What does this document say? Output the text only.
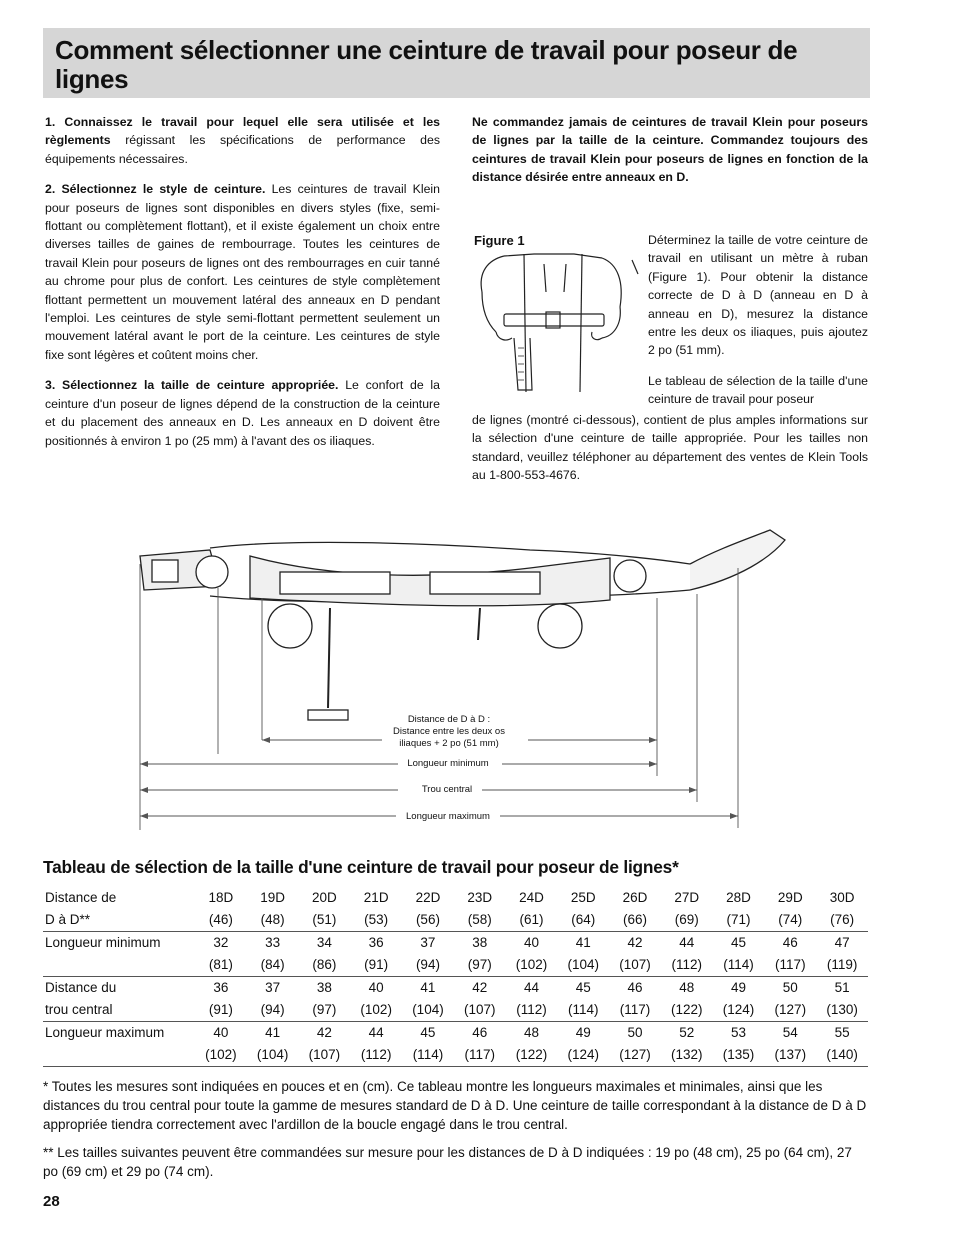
Comment sélectionner une ceinture de travail pour poseur de lignes

1. Connaissez le travail pour lequel elle sera utilisée et les règlements régissant les spécifications de performance des équipements nécessaires.

2. Sélectionnez le style de ceinture. Les ceintures de travail Klein pour poseurs de lignes sont disponibles en divers styles (fixe, semi-flottant ou complètement flottant), et il existe également un choix entre diverses tailles de gaines de rembourrage. Toutes les ceintures de travail Klein pour poseurs de lignes ont des rembourrages en cuir tanné au chrome pour plus de confort. Les ceintures de style complètement flottant permettent un mouvement latéral des anneaux en D pendant l'emploi. Les ceintures de style semi-flottant permettent seulement un mouvement latéral avant le port de la ceinture. Les ceintures de style fixe sont légères et coûtent moins cher.

3. Sélectionnez la taille de ceinture appropriée. Le confort de la ceinture d'un poseur de lignes dépend de la construction de la ceinture et du placement des anneaux en D. Les anneaux en D doivent être positionnés à environ 1 po (25 mm) à l'avant des os iliaques.

Ne commandez jamais de ceintures de travail Klein pour poseurs de lignes par la taille de la ceinture. Commandez toujours des ceintures de travail Klein pour poseurs de lignes en fonction de la distance désirée entre anneaux en D.
Figure 1	Déterminez la taille de votre ceinture de travail en utilisant un mètre à ruban (Figure 1). Pour obtenir la distance correcte de D à D (anneau en D à anneau en D), mesurez la distance entre les deux os iliaques, puis ajoutez 2 po (51 mm).

Le tableau de sélection de la taille d'une ceinture de travail pour poseur

de lignes (montré ci-dessous), contient de plus amples informations sur la sélection d'une ceinture de taille appropriée. Pour les tailles non standard, veuillez téléphoner au département des ventes de Klein Tools au 1-800-553-4676.
Distance de D à D :
Distance entre les deux os
iliaques + 2 po (51 mm)
Longueur minimum
Trou central
Longueur maximum
Tableau de sélection de la taille d'une ceinture de travail pour poseur de lignes*
Distance de	18D	19D	20D	21D	22D	23D	24D	25D	26D	27D	28D	29D	30D
D à D**	(46)	(48)	(51)	(53)	(56)	(58)	(61)	(64)	(66)	(69)	(71)	(74)	(76)
Longueur minimum	32	33	34	36	37	38	40	41	42	44	45	46	47
	(81)	(84)	(86)	(91)	(94)	(97)	(102)	(104)	(107)	(112)	(114)	(117)	(119)
Distance du	36	37	38	40	41	42	44	45	46	48	49	50	51
trou central	(91)	(94)	(97)	(102)	(104)	(107)	(112)	(114)	(117)	(122)	(124)	(127)	(130)
Longueur maximum	40	41	42	44	45	46	48	49	50	52	53	54	55
	(102)	(104)	(107)	(112)	(114)	(117)	(122)	(124)	(127)	(132)	(135)	(137)	(140)
* Toutes les mesures sont indiquées en pouces et en (cm). Ce tableau montre les longueurs maximales et minimales, ainsi que les distances du trou central pour toute la gamme de mesures standard de D à D. Une ceinture de taille correspondant à la distance de D à D appropriée tiendra correctement avec l'ardillon de la boucle engagé dans le trou central.
** Les tailles suivantes peuvent être commandées sur mesure pour les distances de D à D indiquées : 19 po (48 cm), 25 po (64 cm), 27 po (69 cm) et 29 po (74 cm).
28
